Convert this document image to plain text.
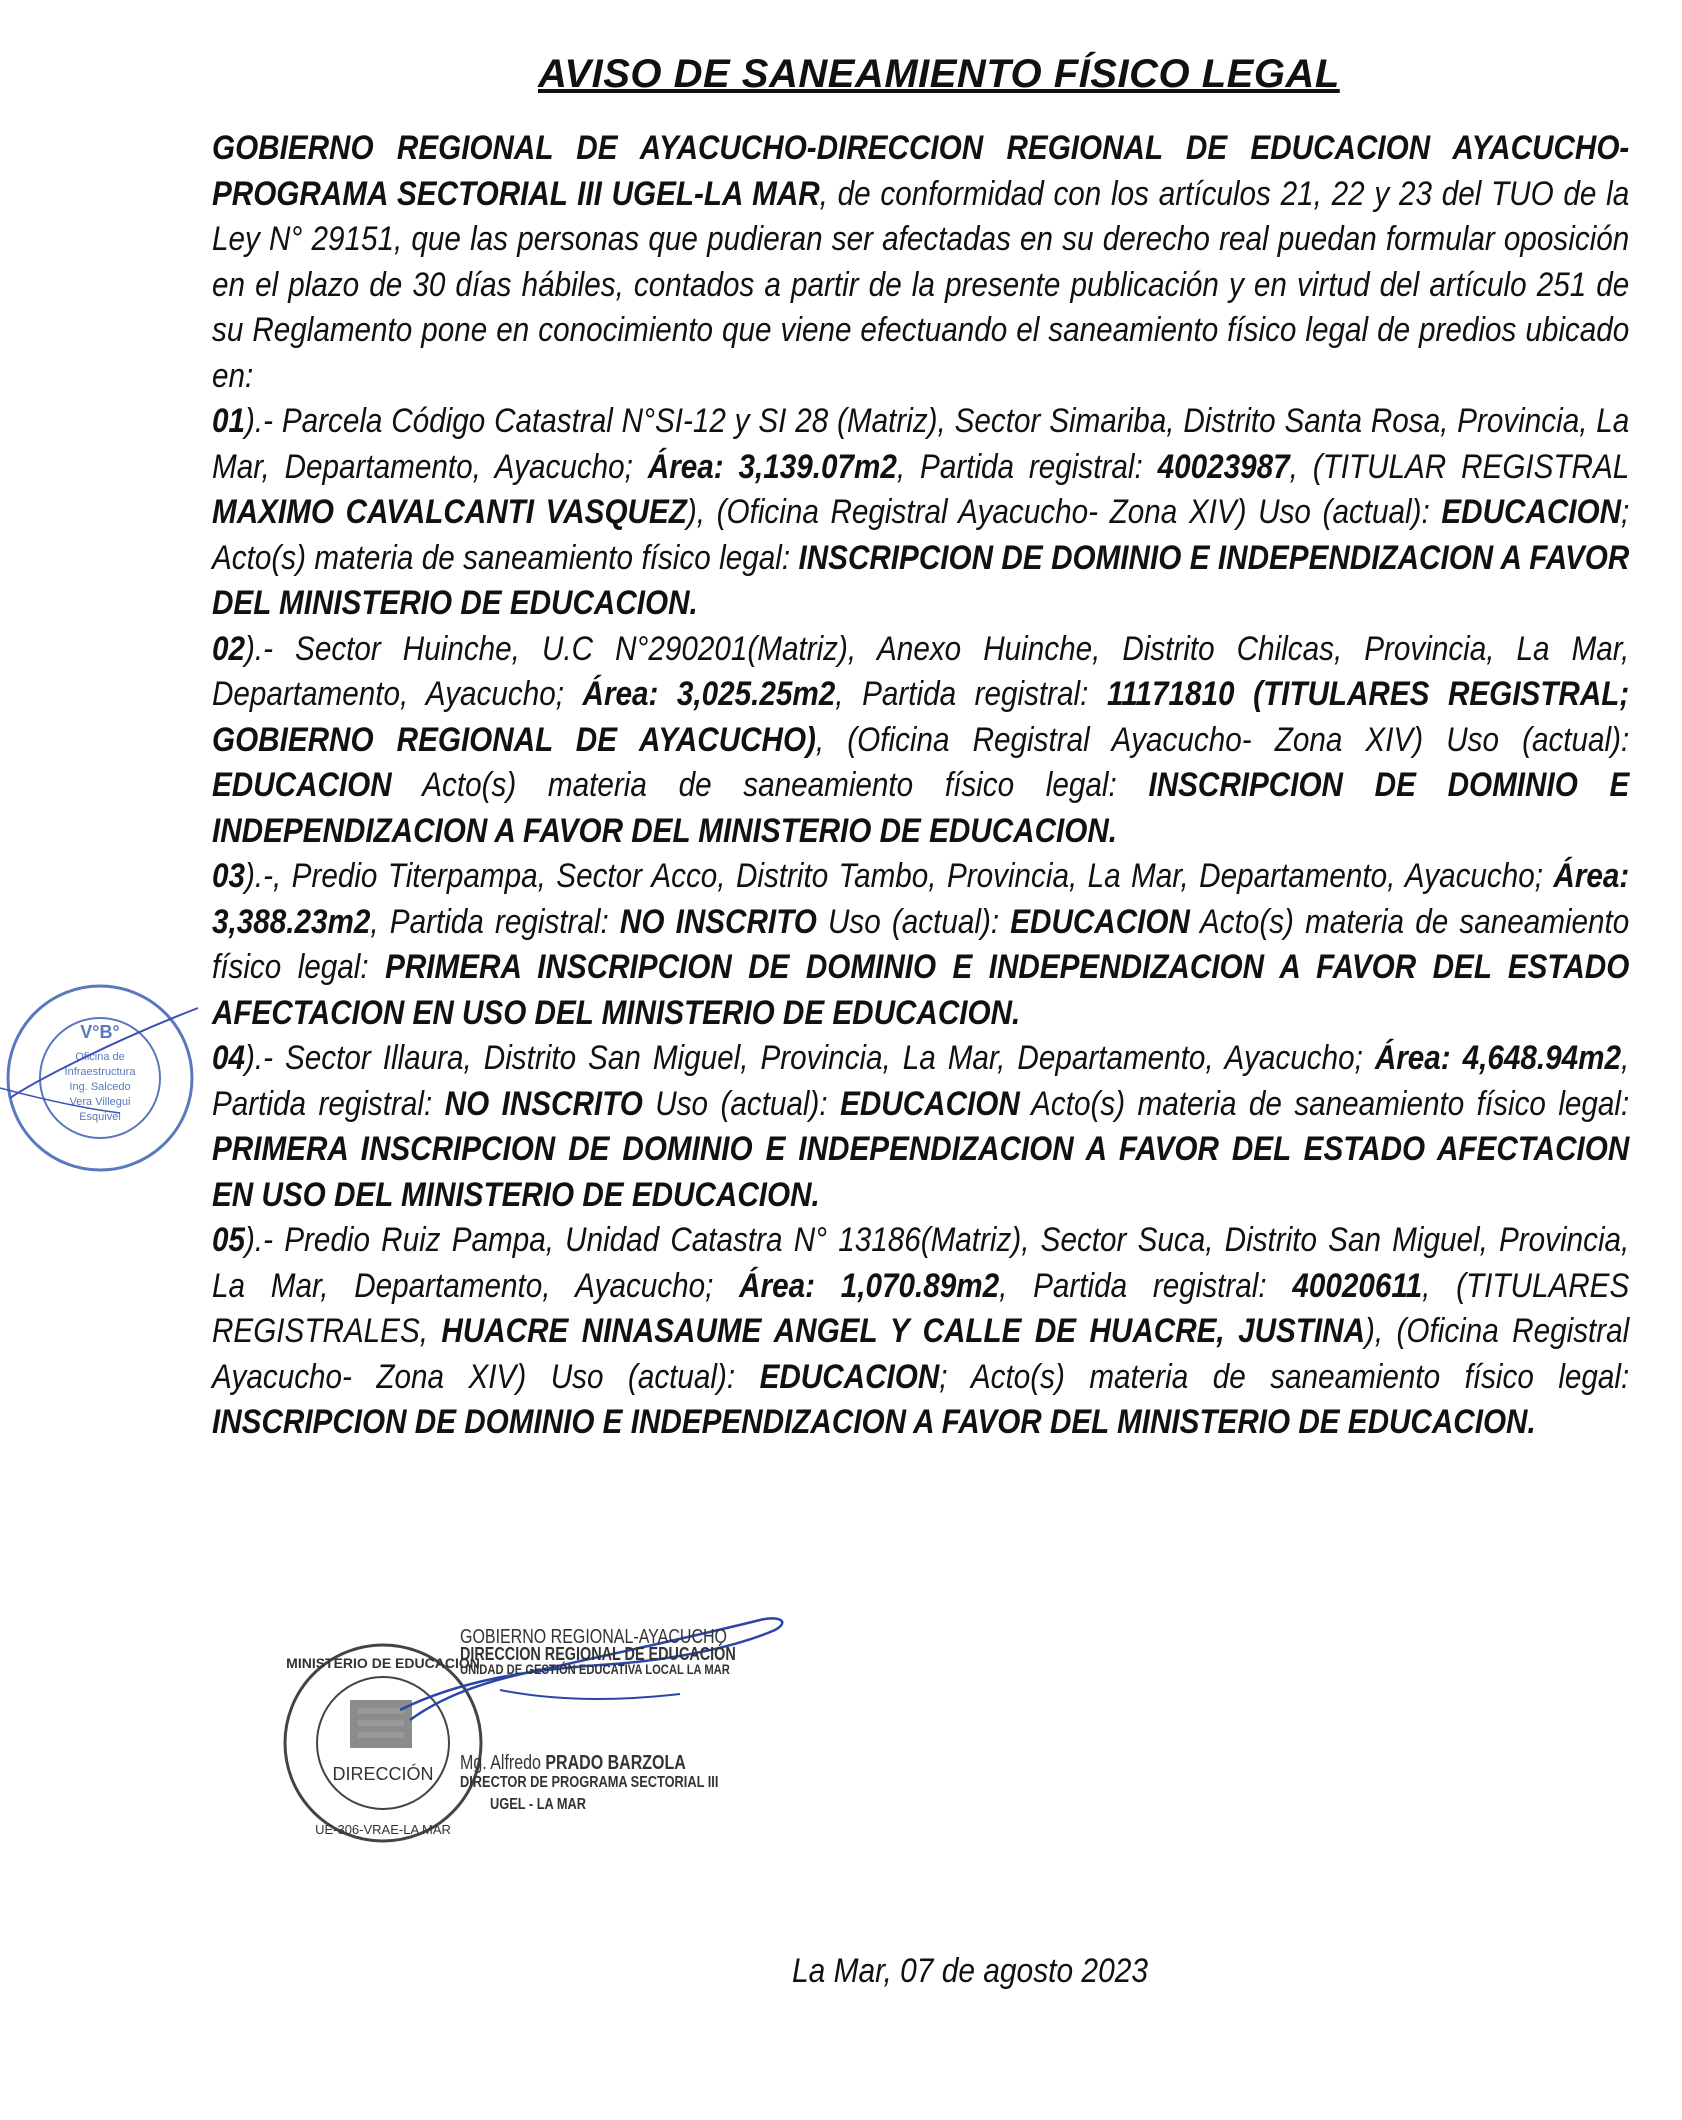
AVISO DE SANEAMIENTO FÍSICO LEGAL

GOBIERNO REGIONAL DE AYACUCHO-DIRECCION REGIONAL DE EDUCACION AYACUCHO- PROGRAMA SECTORIAL III UGEL-LA MAR, de conformidad con los artículos 21, 22 y 23 del TUO de la Ley N° 29151, que las personas que pudieran ser afectadas en su derecho real puedan formular oposición en el plazo de 30 días hábiles, contados a partir de la presente publicación y en virtud del artículo 251 de su Reglamento pone en conocimiento que viene efectuando el saneamiento físico legal de predios ubicado en:

01).- Parcela Código Catastral N°SI-12 y SI 28 (Matriz), Sector Simariba, Distrito Santa Rosa, Provincia, La Mar, Departamento, Ayacucho; Área: 3,139.07m2, Partida registral: 40023987, (TITULAR REGISTRAL MAXIMO CAVALCANTI VASQUEZ), (Oficina Registral Ayacucho- Zona XIV) Uso (actual): EDUCACION; Acto(s) materia de saneamiento físico legal: INSCRIPCION DE DOMINIO E INDEPENDIZACION A FAVOR DEL MINISTERIO DE EDUCACION.

02).- Sector Huinche, U.C N°290201(Matriz), Anexo Huinche, Distrito Chilcas, Provincia, La Mar, Departamento, Ayacucho; Área: 3,025.25m2, Partida registral: 11171810 (TITULARES REGISTRAL; GOBIERNO REGIONAL DE AYACUCHO), (Oficina Registral Ayacucho- Zona XIV) Uso (actual): EDUCACION Acto(s) materia de saneamiento físico legal: INSCRIPCION DE DOMINIO E INDEPENDIZACION A FAVOR DEL MINISTERIO DE EDUCACION.

03).-, Predio Titerpampa, Sector Acco, Distrito Tambo, Provincia, La Mar, Departamento, Ayacucho; Área: 3,388.23m2, Partida registral: NO INSCRITO Uso (actual): EDUCACION Acto(s) materia de saneamiento físico legal: PRIMERA INSCRIPCION DE DOMINIO E INDEPENDIZACION A FAVOR DEL ESTADO AFECTACION EN USO DEL MINISTERIO DE EDUCACION.

04).- Sector Illaura, Distrito San Miguel, Provincia, La Mar, Departamento, Ayacucho; Área: 4,648.94m2, Partida registral: NO INSCRITO Uso (actual): EDUCACION Acto(s) materia de saneamiento físico legal: PRIMERA INSCRIPCION DE DOMINIO E INDEPENDIZACION A FAVOR DEL ESTADO AFECTACION EN USO DEL MINISTERIO DE EDUCACION.

05).- Predio Ruiz Pampa, Unidad Catastra N° 13186(Matriz), Sector Suca, Distrito San Miguel, Provincia, La Mar, Departamento, Ayacucho; Área: 1,070.89m2, Partida registral: 40020611, (TITULARES REGISTRALES, HUACRE NINASAUME ANGEL Y CALLE DE HUACRE, JUSTINA), (Oficina Registral Ayacucho- Zona XIV) Uso (actual): EDUCACION; Acto(s) materia de saneamiento físico legal: INSCRIPCION DE DOMINIO E INDEPENDIZACION A FAVOR DEL MINISTERIO DE EDUCACION.

V°B°
Oficina de
Infraestructura
Ing. Salcedo
Vera Villegui
Esquivel
DIRECCIÓN
MINISTERIO DE EDUCACION
UE-306-VRAE-LA MAR
GOBIERNO REGIONAL-AYACUCHO
DIRECCION REGIONAL DE EDUCACIÓN
UNIDAD DE GESTIÓN EDUCATIVA LOCAL LA MAR
Mg. Alfredo PRADO BARZOLA
DIRECTOR DE PROGRAMA SECTORIAL III
UGEL - LA MAR
La Mar, 07 de agosto 2023
